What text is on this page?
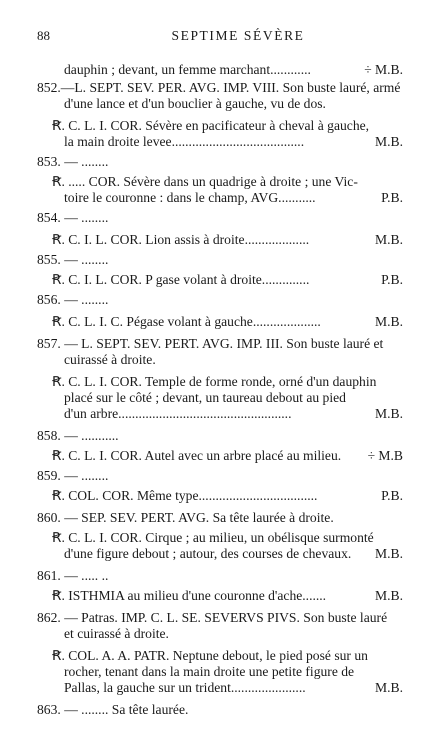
88	SEPTIME SÉVÈRE
dauphin ; devant, un femme marchant............	÷ M.B.
852.—L. SEPT. SEV. PER. AVG. IMP. VIII. Son buste lauré, armé
d'une lance et d'un bouclier à gauche, vu de dos.
Ꞧ. C. L. I. COR. Sévère en pacificateur à cheval à gauche,
la main droite levee.......................................	M.B.
853. — ........
Ꞧ. ..... COR. Sévère dans un quadrige à droite ; une Vic-
toire le couronne : dans le champ, AVG...........	P.B.
854. — ........
Ꞧ. C. I. L. COR. Lion assis à droite...................	M.B.
855. — ........
Ꞧ. C. I. L. COR. P gase volant à droite..............	P.B.
856. — ........
Ꞧ. C. L. I. C. Pégase volant à gauche....................	M.B.
857. — L. SEPT. SEV. PERT. AVG. IMP. III. Son buste lauré et
cuirassé à droite.
Ꞧ. C. L. I. COR. Temple de forme ronde, orné d'un dauphin
placé sur le côté ; devant, un taureau debout au pied
d'un arbre...................................................	M.B.
858. — ...........
Ꞧ. C. L. I. COR. Autel avec un arbre placé au milieu. ÷ M.B
859. — ........
Ꞧ. COL. COR. Même type...................................	P.B.
860. — SEP. SEV. PERT. AVG. Sa tête laurée à droite.
Ꞧ. C. L. I. COR. Cirque ; au milieu, un obélisque surmonté
d'une figure debout ; autour, des courses de chevaux. M.B.
861. — ..... ..
Ꞧ. ISTHMIA au milieu d'une couronne d'ache.......	M.B.
862. — Patras. IMP. C. L. SE. SEVERVS PIVS. Son buste lauré
et cuirassé à droite.
Ꞧ. COL. A. A. PATR. Neptune debout, le pied posé sur un
rocher, tenant dans la main droite une petite figure de
Pallas, la gauche sur un trident......................	M.B.
863. — ........ Sa tête laurée.
